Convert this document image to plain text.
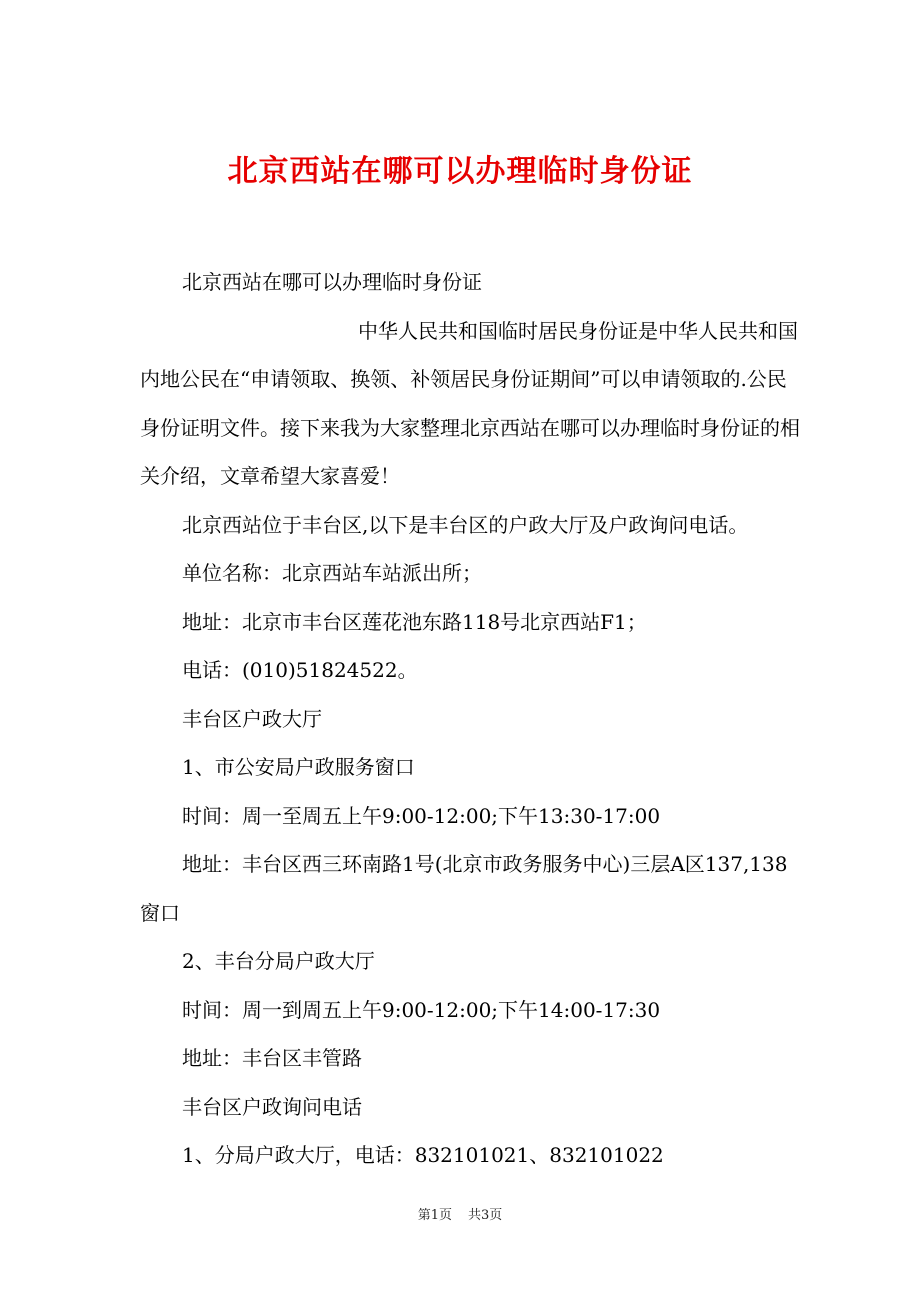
北京西站在哪可以办理临时身份证

北京西站在哪可以办理临时身份证

中华人民共和国临时居民身份证是中华人民共和国内地公民在“申请领取、换领、补领居民身份证期间”可以申请领取的.公民身份证明文件。接下来我为大家整理北京西站在哪可以办理临时身份证的相关介绍，文章希望大家喜爱！

北京西站位于丰台区,以下是丰台区的户政大厅及户政询问电话。

单位名称：北京西站车站派出所；

地址：北京市丰台区莲花池东路118号北京西站F1；

电话：(010)51824522。

丰台区户政大厅

1、市公安局户政服务窗口

时间：周一至周五上午9:00-12:00;下午13:30-17:00

地址：丰台区西三环南路1号(北京市政务服务中心)三层A区137,138窗口

2、丰台分局户政大厅

时间：周一到周五上午9:00-12:00;下午14:00-17:30

地址：丰台区丰管路

丰台区户政询问电话

1、分局户政大厅，电话：832101021、832101022

第1页 共3页
